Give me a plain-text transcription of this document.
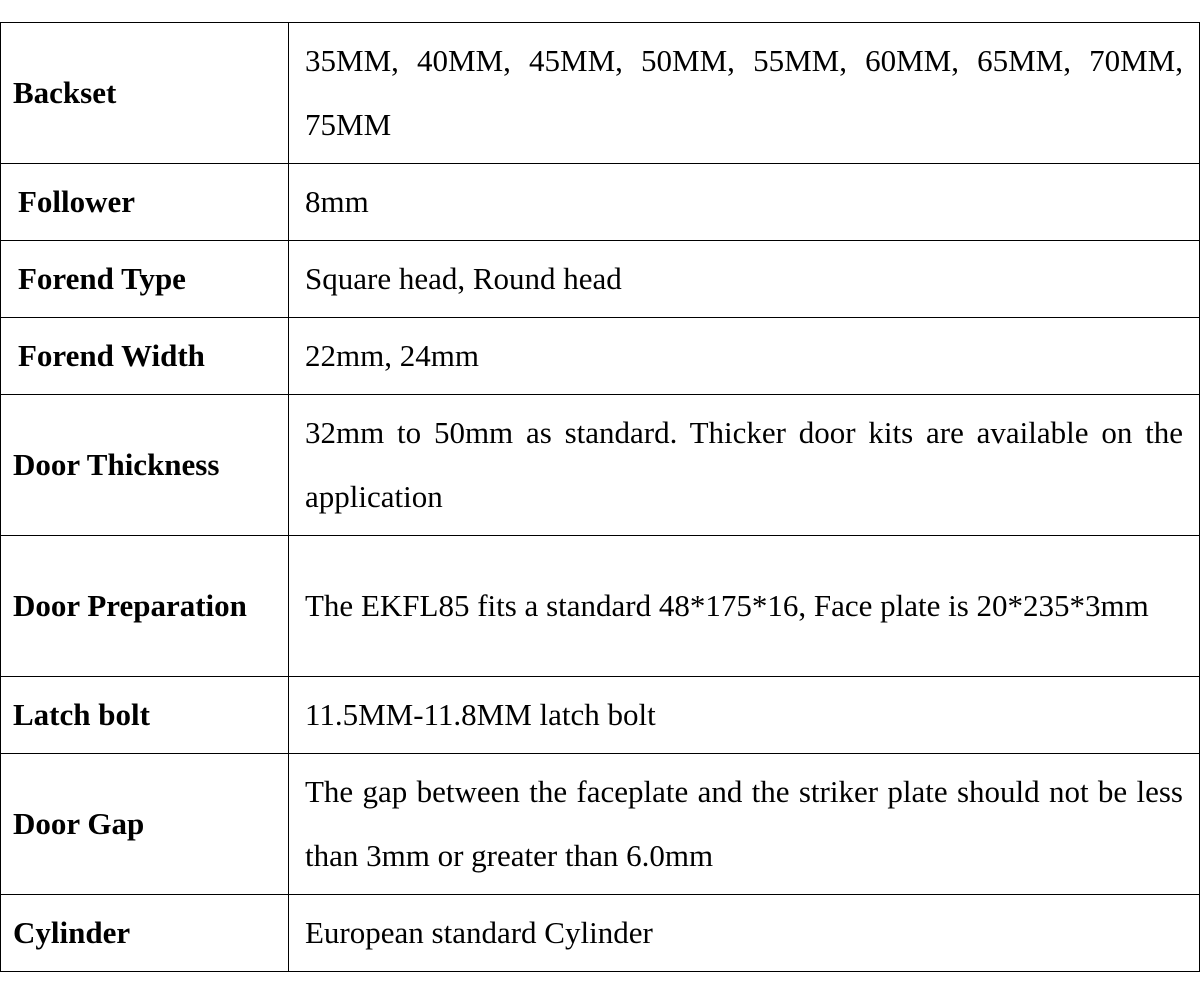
Backset	35MM, 40MM, 45MM, 50MM, 55MM, 60MM, 65MM, 70MM, 75MM
Follower	8mm
Forend Type	Square head, Round head
Forend Width	22mm, 24mm
Door Thickness	32mm to 50mm as standard. Thicker door kits are available on the application
Door Preparation	The EKFL85 fits a standard 48*175*16, Face plate is 20*235*3mm
Latch bolt	11.5MM-11.8MM latch bolt
Door Gap	The gap between the faceplate and the striker plate should not be less than 3mm or greater than 6.0mm
Cylinder	European standard Cylinder
